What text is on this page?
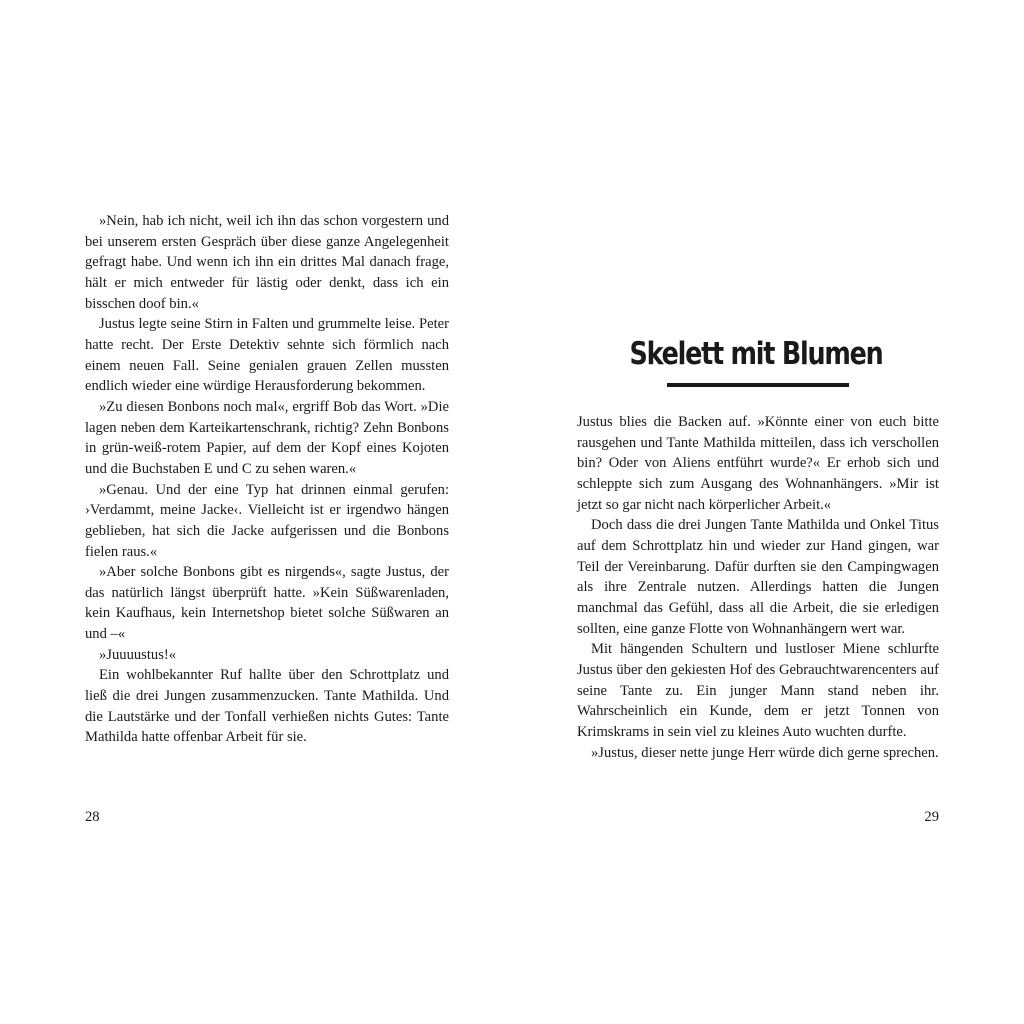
»Nein, hab ich nicht, weil ich ihn das schon vorgestern und bei unserem ersten Gespräch über diese ganze Angelegenheit gefragt habe. Und wenn ich ihn ein drittes Mal danach frage, hält er mich entweder für lästig oder denkt, dass ich ein bisschen doof bin.«

Justus legte seine Stirn in Falten und grummelte leise. Peter hatte recht. Der Erste Detektiv sehnte sich förmlich nach einem neuen Fall. Seine genialen grauen Zellen mussten endlich wieder eine würdige Herausforderung bekommen.

»Zu diesen Bonbons noch mal«, ergriff Bob das Wort. »Die lagen neben dem Karteikartenschrank, richtig? Zehn Bonbons in grün-weiß-rotem Papier, auf dem der Kopf eines Kojoten und die Buchstaben E und C zu sehen waren.«

»Genau. Und der eine Typ hat drinnen einmal gerufen: ›Verdammt, meine Jacke‹. Vielleicht ist er irgendwo hängen geblieben, hat sich die Jacke aufgerissen und die Bonbons fielen raus.«

»Aber solche Bonbons gibt es nirgends«, sagte Justus, der das natürlich längst überprüft hatte. »Kein Süßwarenladen, kein Kaufhaus, kein Internetshop bietet solche Süßwaren an und –«

»Juuuustus!«

Ein wohlbekannter Ruf hallte über den Schrottplatz und ließ die drei Jungen zusammenzucken. Tante Mathilda. Und die Lautstärke und der Tonfall verhießen nichts Gutes: Tante Mathilda hatte offenbar Arbeit für sie.

28
Skelett mit Blumen

Justus blies die Backen auf. »Könnte einer von euch bitte rausgehen und Tante Mathilda mitteilen, dass ich verschollen bin? Oder von Aliens entführt wurde?« Er erhob sich und schleppte sich zum Ausgang des Wohnanhängers. »Mir ist jetzt so gar nicht nach körperlicher Arbeit.«

Doch dass die drei Jungen Tante Mathilda und Onkel Titus auf dem Schrottplatz hin und wieder zur Hand gingen, war Teil der Vereinbarung. Dafür durften sie den Campingwagen als ihre Zentrale nutzen. Allerdings hatten die Jungen manchmal das Gefühl, dass all die Arbeit, die sie erledigen sollten, eine ganze Flotte von Wohnanhängern wert war.

Mit hängenden Schultern und lustloser Miene schlurfte Justus über den gekiesten Hof des Gebrauchtwarencenters auf seine Tante zu. Ein junger Mann stand neben ihr. Wahrscheinlich ein Kunde, dem er jetzt Tonnen von Krimskrams in sein viel zu kleines Auto wuchten durfte.

»Justus, dieser nette junge Herr würde dich gerne sprechen.

29
